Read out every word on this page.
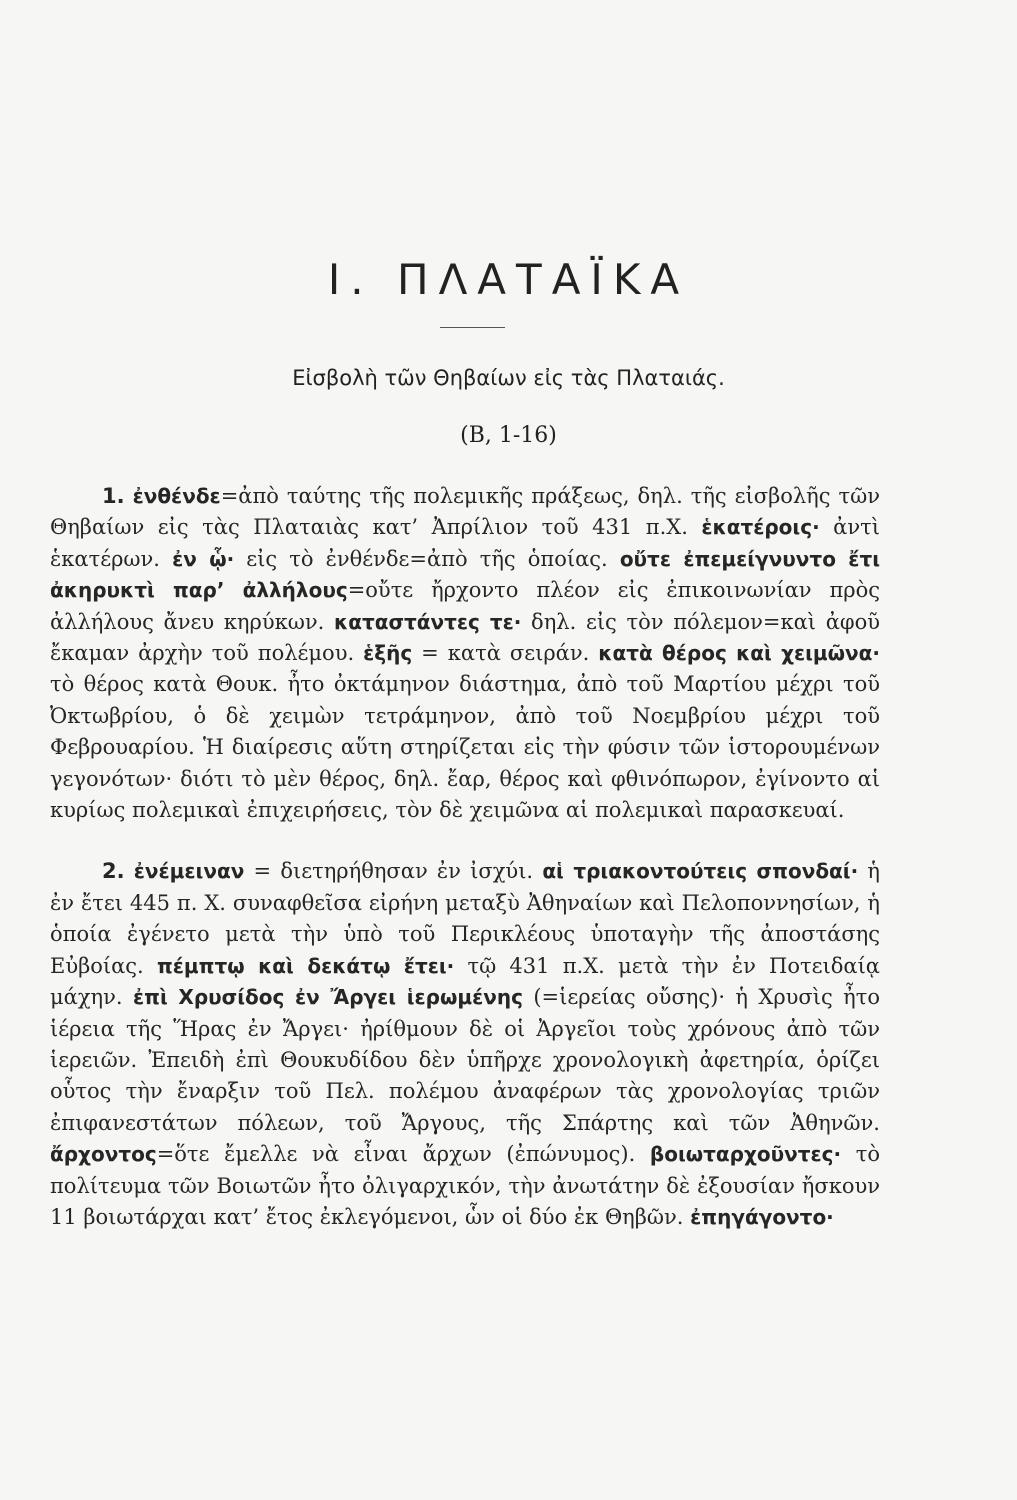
I. ΠΛΑΤΑΪΚΑ
Εἰσβολὴ τῶν Θηβαίων εἰς τὰς Πλαταιάς.
(Β, 1-16)

1. ἐνθένδε=ἀπὸ ταύτης τῆς πολεμικῆς πράξεως, δηλ. τῆς εἰσβολῆς τῶν Θηβαίων εἰς τὰς Πλαταιὰς κατ’ Ἀπρίλιον τοῦ 431 π.Χ. ἑκατέροις· ἀντὶ ἑκατέρων. ἐν ᾧ· εἰς τὸ ἐνθένδε=ἀπὸ τῆς ὁποίας. οὔτε ἐπεμείγνυντο ἔτι ἀκηρυκτὶ παρ’ ἀλλήλους=οὔτε ἤρχοντο πλέον εἰς ἐπικοινωνίαν πρὸς ἀλλήλους ἄνευ κηρύκων. καταστάντες τε· δηλ. εἰς τὸν πόλεμον=καὶ ἀφοῦ ἔκαμαν ἀρχὴν τοῦ πολέμου. ἑξῆς = κατὰ σειράν. κατὰ θέρος καὶ χειμῶνα· τὸ θέρος κατὰ Θουκ. ἦτο ὀκτάμηνον διάστημα, ἀπὸ τοῦ Μαρτίου μέχρι τοῦ Ὀκτωβρίου, ὁ δὲ χειμὼν τετράμηνον, ἀπὸ τοῦ Νοεμβρίου μέχρι τοῦ Φεβρουαρίου. Ἡ διαίρεσις αὕτη στηρίζεται εἰς τὴν φύσιν τῶν ἱστορουμένων γεγονότων· διότι τὸ μὲν θέρος, δηλ. ἔαρ, θέρος καὶ φθινόπωρον, ἐγίνοντο αἱ κυρίως πολεμικαὶ ἐπιχειρήσεις, τὸν δὲ χειμῶνα αἱ πολεμικαὶ παρασκευαί.

2. ἐνέμειναν = διετηρήθησαν ἐν ἰσχύι. αἱ τριακοντούτεις σπονδαί· ἡ ἐν ἔτει 445 π. Χ. συναφθεῖσα εἰρήνη μεταξὺ Ἀθηναίων καὶ Πελοποννησίων, ἡ ὁποία ἐγένετο μετὰ τὴν ὑπὸ τοῦ Περικλέους ὑποταγὴν τῆς ἀποστάσης Εὐβοίας. πέμπτῳ καὶ δεκάτῳ ἔτει· τῷ 431 π.Χ. μετὰ τὴν ἐν Ποτειδαίᾳ μάχην. ἐπὶ Χρυσίδος ἐν Ἄργει ἱερωμένης (=ἱερείας οὔσης)· ἡ Χρυσὶς ἦτο ἱέρεια τῆς Ἥρας ἐν Ἄργει· ἠρίθμουν δὲ οἱ Ἀργεῖοι τοὺς χρόνους ἀπὸ τῶν ἱερειῶν. Ἐπειδὴ ἐπὶ Θουκυδίδου δὲν ὑπῆρχε χρονολογικὴ ἀφετηρία, ὁρίζει οὗτος τὴν ἔναρξιν τοῦ Πελ. πολέμου ἀναφέρων τὰς χρονολογίας τριῶν ἐπιφανεστάτων πόλεων, τοῦ Ἄργους, τῆς Σπάρτης καὶ τῶν Ἀθηνῶν. ἄρχοντος=ὅτε ἔμελλε νὰ εἶναι ἄρχων (ἐπώνυμος). βοιωταρχοῦντες· τὸ πολίτευμα τῶν Βοιωτῶν ἦτο ὀλιγαρχικόν, τὴν ἀνωτάτην δὲ ἐξουσίαν ἤσκουν 11 βοιωτάρχαι κατ’ ἔτος ἐκλεγόμενοι, ὧν οἱ δύο ἐκ Θηβῶν. ἐπηγάγοντο·
